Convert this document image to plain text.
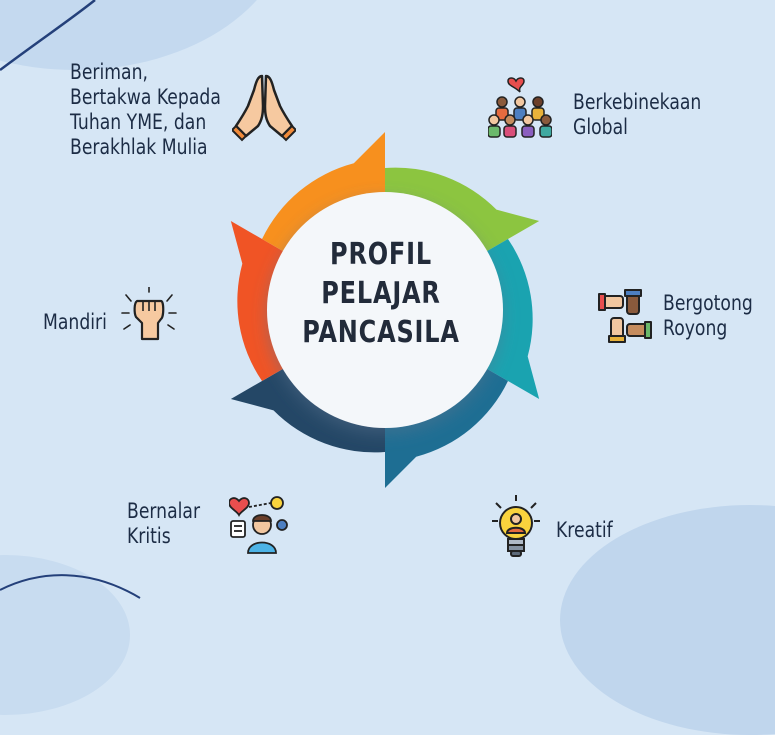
PROFIL
PELAJAR
PANCASILA
Beriman,
Bertakwa Kepada
Tuhan YME, dan
Berakhlak Mulia
Berkebinekaan
Global
Bergotong
Royong
Kreatif
Bernalar
Kritis
Mandiri
